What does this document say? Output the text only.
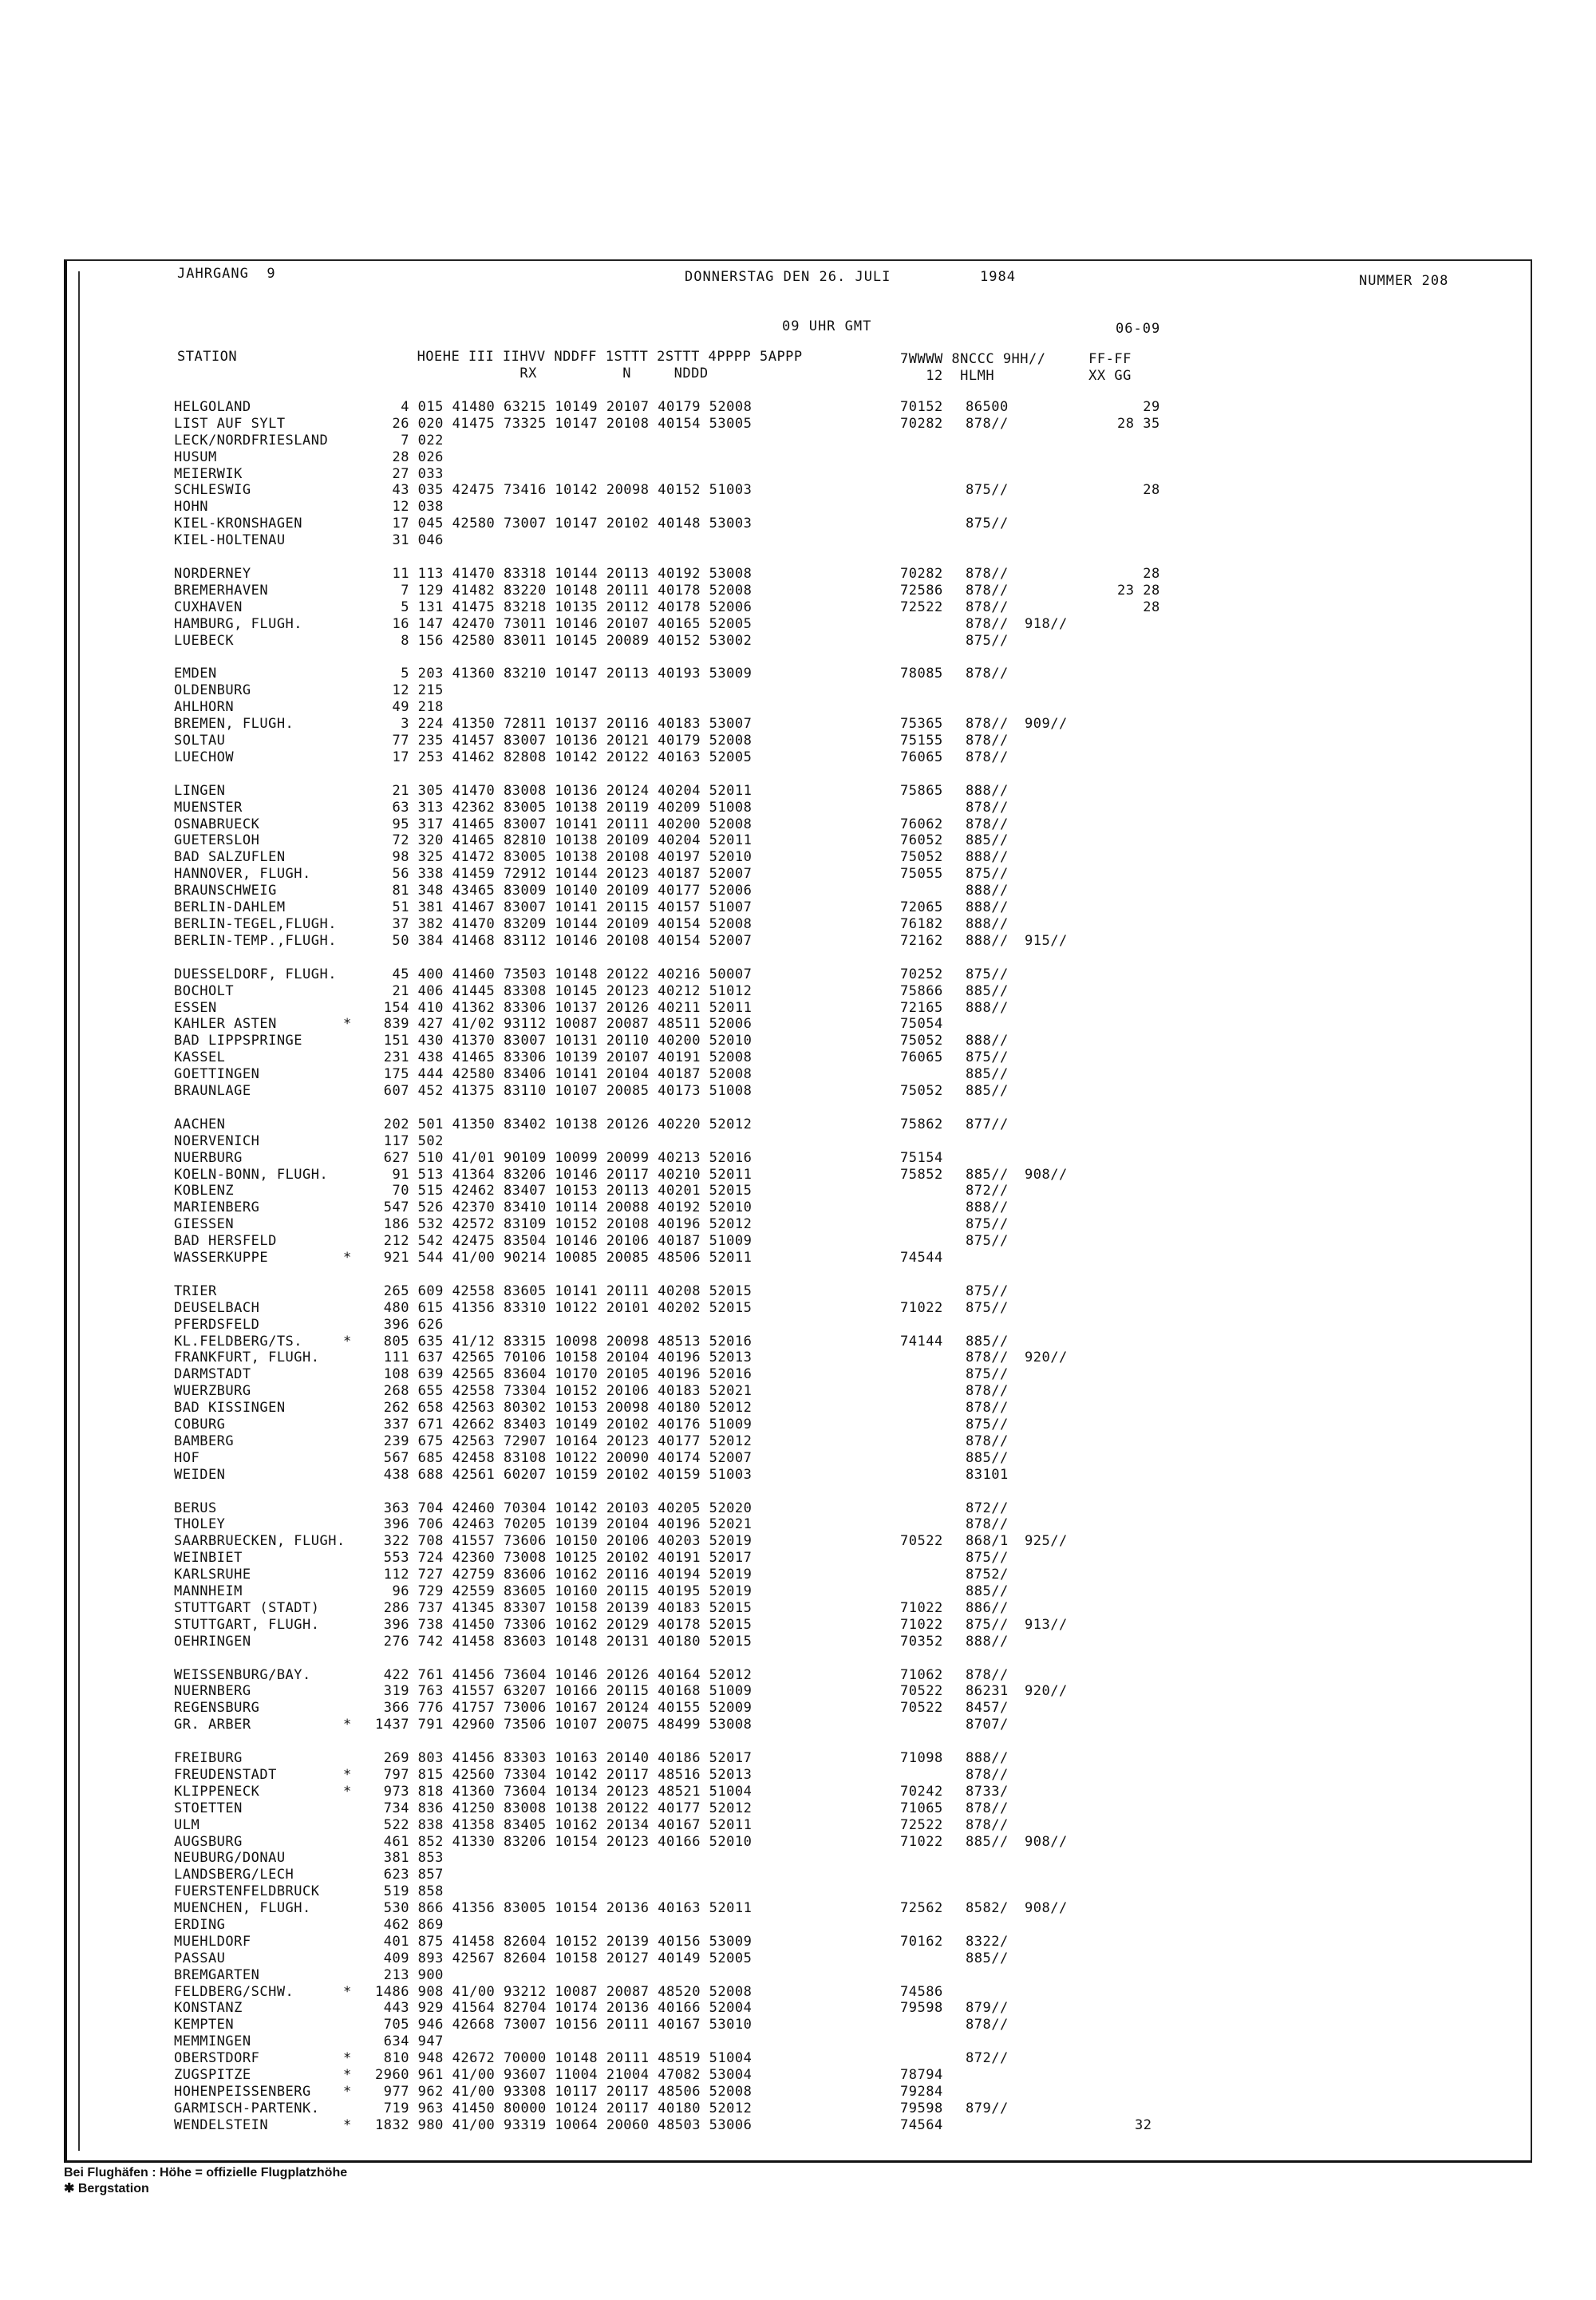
JAHRGANG  9	DONNERSTAG DEN 26. JULI	1984	NUMMER 208
09 UHR GMT	06-09
STATION                     HOEHE III IIHVV NDDFF 1STTT 2STTT 4PPPP 5APPP
RX          N     NDDD
7WWWW 8NCCC 9HH//     FF-FF
12  HLMH           XX GG
HELGOLAND	4 015 41480 63215 10149 20107 40179 52008	70152 86500	29
LIST AUF SYLT	26 020 41475 73325 10147 20108 40154 53005	70282 878//	28 35
LECK/NORDFRIESLAND	7 022
HUSUM	28 026
MEIERWIK	27 033
SCHLESWIG	43 035 42475 73416 10142 20098 40152 51003	875//	28
HOHN	12 038
KIEL-KRONSHAGEN	17 045 42580 73007 10147 20102 40148 53003	875//
KIEL-HOLTENAU	31 046
NORDERNEY	11 113 41470 83318 10144 20113 40192 53008	70282 878//	28
BREMERHAVEN	7 129 41482 83220 10148 20111 40178 52008	72586 878//	23 28
CUXHAVEN	5 131 41475 83218 10135 20112 40178 52006	72522 878//	28
HAMBURG, FLUGH.	16 147 42470 73011 10146 20107 40165 52005	878// 918//
LUEBECK	8 156 42580 83011 10145 20089 40152 53002	875//
EMDEN	5 203 41360 83210 10147 20113 40193 53009	78085 878//
OLDENBURG	12 215
AHLHORN	49 218
BREMEN, FLUGH.	3 224 41350 72811 10137 20116 40183 53007	75365 878// 909//
SOLTAU	77 235 41457 83007 10136 20121 40179 52008	75155 878//
LUECHOW	17 253 41462 82808 10142 20122 40163 52005	76065 878//
LINGEN	21 305 41470 83008 10136 20124 40204 52011	75865 888//
MUENSTER	63 313 42362 83005 10138 20119 40209 51008	878//
OSNABRUECK	95 317 41465 83007 10141 20111 40200 52008	76062 878//
GUETERSLOH	72 320 41465 82810 10138 20109 40204 52011	76052 885//
BAD SALZUFLEN	98 325 41472 83005 10138 20108 40197 52010	75052 888//
HANNOVER, FLUGH.	56 338 41459 72912 10144 20123 40187 52007	75055 875//
BRAUNSCHWEIG	81 348 43465 83009 10140 20109 40177 52006	888//
BERLIN-DAHLEM	51 381 41467 83007 10141 20115 40157 51007	72065 888//
BERLIN-TEGEL,FLUGH.	37 382 41470 83209 10144 20109 40154 52008	76182 888//
BERLIN-TEMP.,FLUGH.	50 384 41468 83112 10146 20108 40154 52007	72162 888// 915//
DUESSELDORF, FLUGH.	45 400 41460 73503 10148 20122 40216 50007	70252 875//
BOCHOLT	21 406 41445 83308 10145 20123 40212 51012	75866 885//
ESSEN	154 410 41362 83306 10137 20126 40211 52011	72165 888//
KAHLER ASTEN	* 839 427 41/02 93112 10087 20087 48511 52006	75054
BAD LIPPSPRINGE	151 430 41370 83007 10131 20110 40200 52010	75052 888//
KASSEL	231 438 41465 83306 10139 20107 40191 52008	76065 875//
GOETTINGEN	175 444 42580 83406 10141 20104 40187 52008	885//
BRAUNLAGE	607 452 41375 83110 10107 20085 40173 51008	75052 885//
AACHEN	202 501 41350 83402 10138 20126 40220 52012	75862 877//
NOERVENICH	117 502
NUERBURG	627 510 41/01 90109 10099 20099 40213 52016	75154
KOELN-BONN, FLUGH.	91 513 41364 83206 10146 20117 40210 52011	75852 885// 908//
KOBLENZ	70 515 42462 83407 10153 20113 40201 52015	872//
MARIENBERG	547 526 42370 83410 10114 20088 40192 52010	888//
GIESSEN	186 532 42572 83109 10152 20108 40196 52012	875//
BAD HERSFELD	212 542 42475 83504 10146 20106 40187 51009	875//
WASSERKUPPE	* 921 544 41/00 90214 10085 20085 48506 52011	74544
TRIER	265 609 42558 83605 10141 20111 40208 52015	875//
DEUSELBACH	480 615 41356 83310 10122 20101 40202 52015	71022 875//
PFERDSFELD	396 626
KL.FELDBERG/TS.	* 805 635 41/12 83315 10098 20098 48513 52016	74144 885//
FRANKFURT, FLUGH.	111 637 42565 70106 10158 20104 40196 52013	878// 920//
DARMSTADT	108 639 42565 83604 10170 20105 40196 52016	875//
WUERZBURG	268 655 42558 73304 10152 20106 40183 52021	878//
BAD KISSINGEN	262 658 42563 80302 10153 20098 40180 52012	878//
COBURG	337 671 42662 83403 10149 20102 40176 51009	875//
BAMBERG	239 675 42563 72907 10164 20123 40177 52012	878//
HOF	567 685 42458 83108 10122 20090 40174 52007	885//
WEIDEN	438 688 42561 60207 10159 20102 40159 51003	83101
BERUS	363 704 42460 70304 10142 20103 40205 52020	872//
THOLEY	396 706 42463 70205 10139 20104 40196 52021	878//
SAARBRUECKEN, FLUGH. 322 708 41557 73606 10150 20106 40203 52019	70522 868/1 925//
WEINBIET	553 724 42360 73008 10125 20102 40191 52017	875//
KARLSRUHE	112 727 42759 83606 10162 20116 40194 52019	8752/
MANNHEIM	96 729 42559 83605 10160 20115 40195 52019	885//
STUTTGART (STADT)	286 737 41345 83307 10158 20139 40183 52015	71022 886//
STUTTGART, FLUGH.	396 738 41450 73306 10162 20129 40178 52015	71022 875// 913//
OEHRINGEN	276 742 41458 83603 10148 20131 40180 52015	70352 888//
WEISSENBURG/BAY.	422 761 41456 73604 10146 20126 40164 52012	71062 878//
NUERNBERG	319 763 41557 63207 10166 20115 40168 51009	70522 86231 920//
REGENSBURG	366 776 41757 73006 10167 20124 40155 52009	70522 8457/
GR. ARBER	* 1437 791 42960 73506 10107 20075 48499 53008	8707/
FREIBURG	269 803 41456 83303 10163 20140 40186 52017	71098 888//
FREUDENSTADT	* 797 815 42560 73304 10142 20117 48516 52013	878//
KLIPPENECK	* 973 818 41360 73604 10134 20123 48521 51004	70242 8733/
STOETTEN	734 836 41250 83008 10138 20122 40177 52012	71065 878//
ULM	522 838 41358 83405 10162 20134 40167 52011	72522 878//
AUGSBURG	461 852 41330 83206 10154 20123 40166 52010	71022 885// 908//
NEUBURG/DONAU	381 853
LANDSBERG/LECH	623 857
FUERSTENFELDBRUCK	519 858
MUENCHEN, FLUGH.	530 866 41356 83005 10154 20136 40163 52011	72562 8582/ 908//
ERDING	462 869
MUEHLDORF	401 875 41458 82604 10152 20139 40156 53009	70162 8322/
PASSAU	409 893 42567 82604 10158 20127 40149 52005	885//
BREMGARTEN	213 900
FELDBERG/SCHW.	* 1486 908 41/00 93212 10087 20087 48520 52008	74586
KONSTANZ	443 929 41564 82704 10174 20136 40166 52004	79598 879//
KEMPTEN	705 946 42668 73007 10156 20111 40167 53010	878//
MEMMINGEN	634 947
OBERSTDORF	* 810 948 42672 70000 10148 20111 48519 51004	872//
ZUGSPITZE	* 2960 961 41/00 93607 11004 21004 47082 53004	78794
HOHENPEISSENBERG * 977 962 41/00 93308 10117 20117 48506 52008	79284
GARMISCH-PARTENK.	719 963 41450 80000 10124 20117 40180 52012	79598 879//
WENDELSTEIN	* 1832 980 41/00 93319 10064 20060 48503 53006	74564	32
Bei Flughäfen : Höhe = offizielle Flugplatzhöhe
✱ Bergstation
